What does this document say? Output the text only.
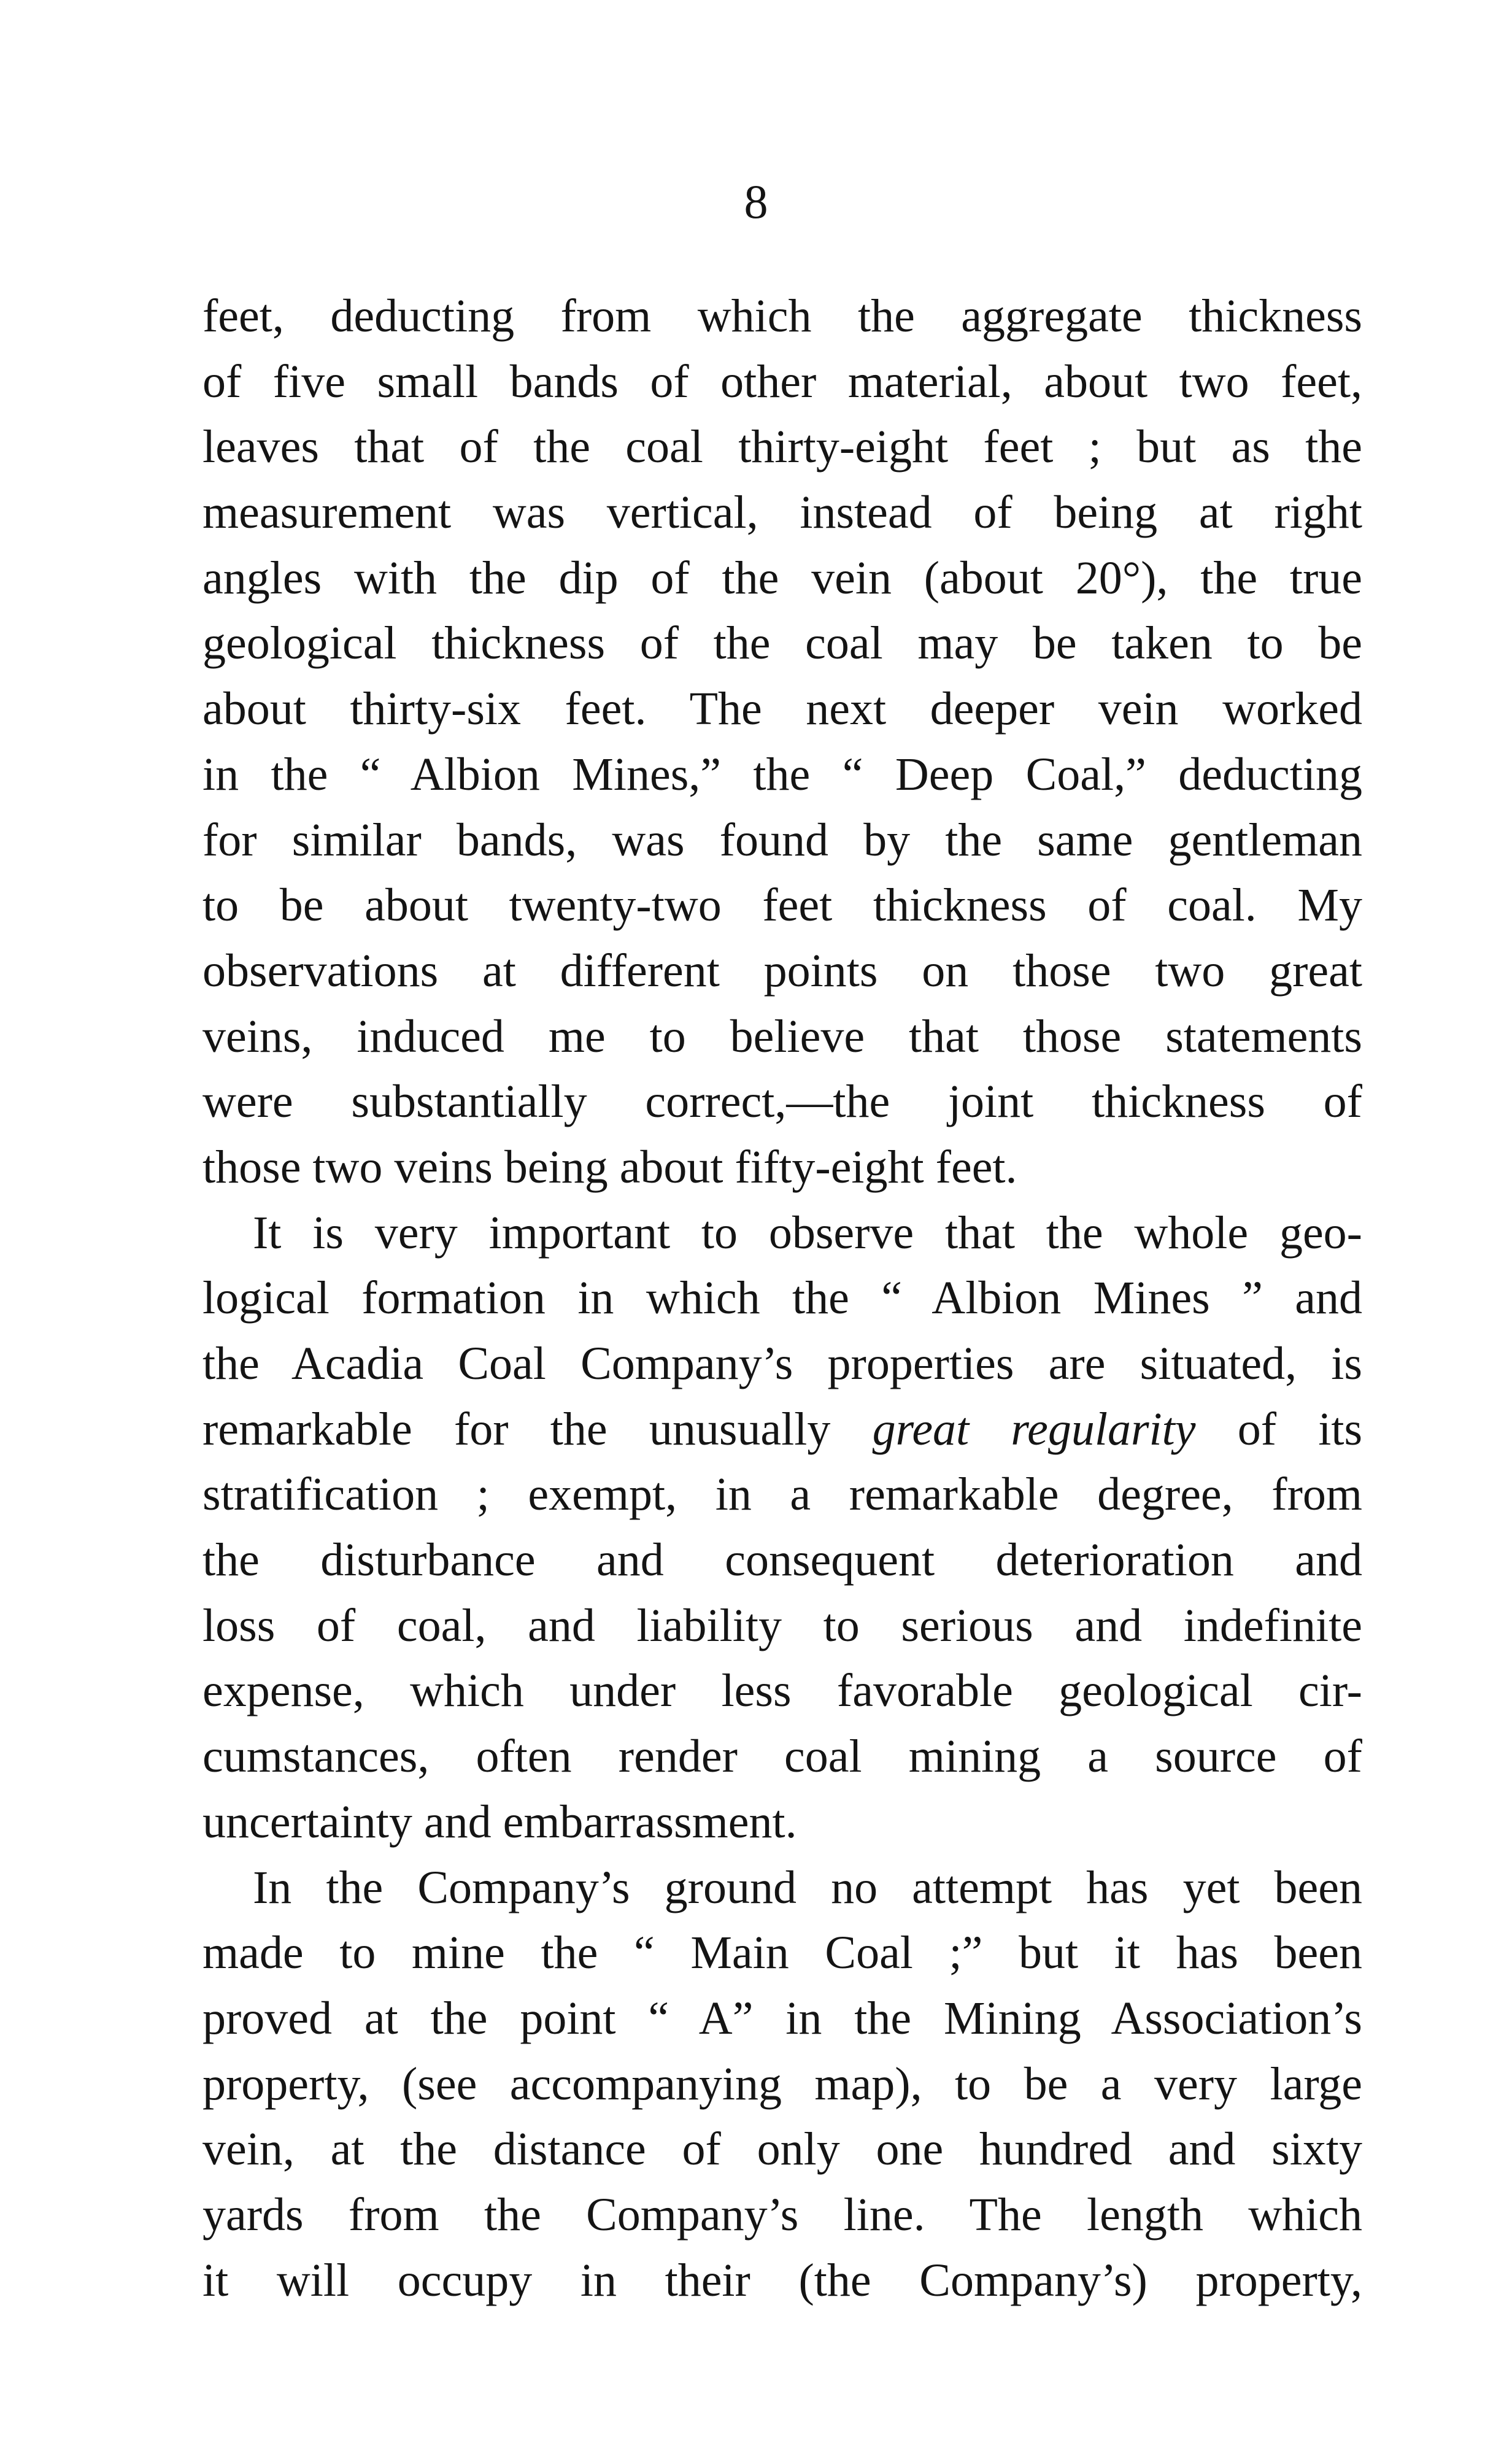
8
feet, deducting from which the aggregate thickness
of five small bands of other material, about two feet,
leaves that of the coal thirty-eight feet ; but as the
measurement was vertical, instead of being at right
angles with the dip of the vein (about 20°), the true
geological thickness of the coal may be taken to be
about thirty-six feet. The next deeper vein worked
in the “ Albion Mines,” the “ Deep Coal,” deducting
for similar bands, was found by the same gentleman
to be about twenty-two feet thickness of coal. My
observations at different points on those two great
veins, induced me to believe that those statements
were substantially correct,—the joint thickness of
those two veins being about fifty-eight feet.
It is very important to observe that the whole geo-
logical formation in which the “ Albion Mines ” and
the Acadia Coal Company’s properties are situated, is
remarkable for the unusually great regularity of its
stratification ; exempt, in a remarkable degree, from
the disturbance and consequent deterioration and
loss of coal, and liability to serious and indefinite
expense, which under less favorable geological cir-
cumstances, often render coal mining a source of
uncertainty and embarrassment.
In the Company’s ground no attempt has yet been
made to mine the “ Main Coal ;” but it has been
proved at the point “ A” in the Mining Association’s
property, (see accompanying map), to be a very large
vein, at the distance of only one hundred and sixty
yards from the Company’s line. The length which
it will occupy in their (the Company’s) property,
